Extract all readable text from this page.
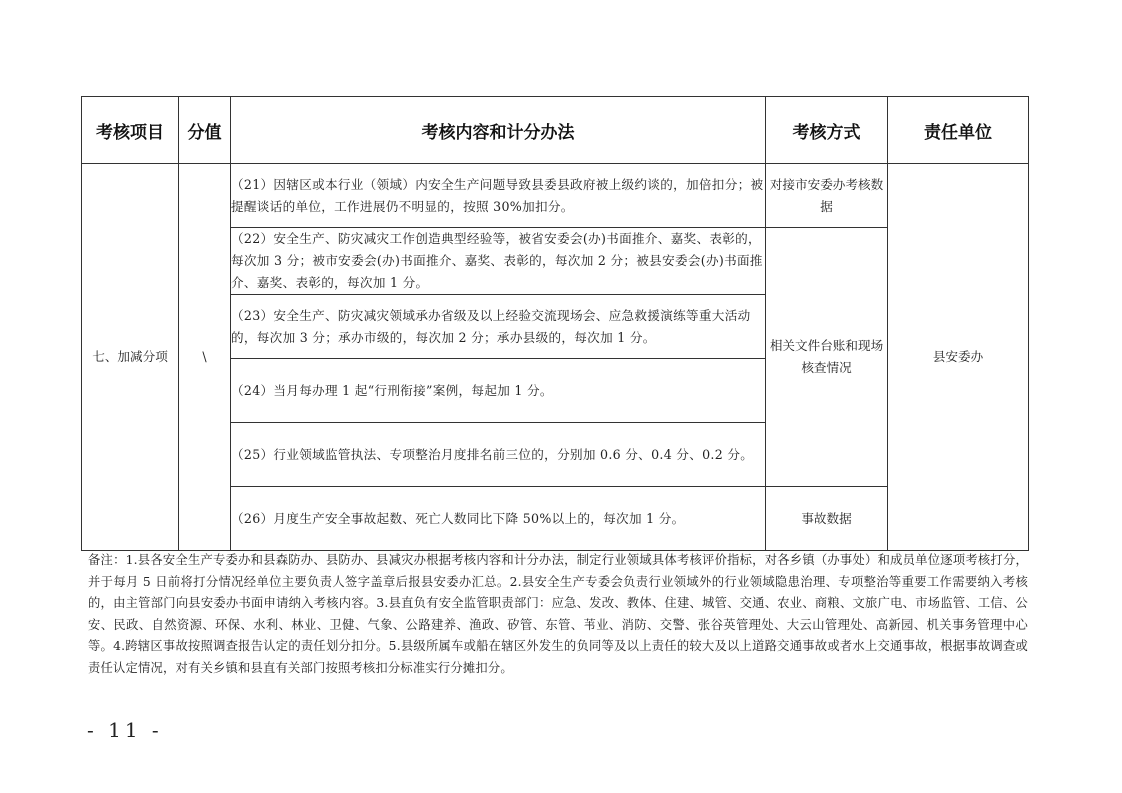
考核项目	分值	考核内容和计分办法	考核方式	责任单位
七、加减分项	\	（21）因辖区或本行业（领域）内安全生产问题导致县委县政府被上级约谈的，加倍扣分；被提醒谈话的单位，工作进展仍不明显的，按照 30%加扣分。	对接市安委办考核数据	县安委办
		（22）安全生产、防灾减灾工作创造典型经验等，被省安委会(办)书面推介、嘉奖、表彰的，每次加 3 分；被市安委会(办)书面推介、嘉奖、表彰的，每次加 2 分；被县安委会(办)书面推介、嘉奖、表彰的，每次加 1 分。	相关文件台账和现场核查情况	
		（23）安全生产、防灾减灾领域承办省级及以上经验交流现场会、应急救援演练等重大活动的，每次加 3 分；承办市级的，每次加 2 分；承办县级的，每次加 1 分。		
		（24）当月每办理 1 起“行刑衔接”案例，每起加 1 分。		
		（25）行业领域监管执法、专项整治月度排名前三位的，分别加 0.6 分、0.4 分、0.2 分。		
		（26）月度生产安全事故起数、死亡人数同比下降 50%以上的，每次加 1 分。	事故数据	
备注：1.县各安全生产专委办和县森防办、县防办、县减灾办根据考核内容和计分办法，制定行业领域具体考核评价指标，对各乡镇（办事处）和成员单位逐项考核打分，并于每月 5 日前将打分情况经单位主要负责人签字盖章后报县安委办汇总。2.县安全生产专委会负责行业领域外的行业领域隐患治理、专项整治等重要工作需要纳入考核的，由主管部门向县安委办书面申请纳入考核内容。3.县直负有安全监管职责部门：应急、发改、教体、住建、城管、交通、农业、商粮、文旅广电、市场监管、工信、公安、民政、自然资源、环保、水利、林业、卫健、气象、公路建养、渔政、矽管、东管、苇业、消防、交警、张谷英管理处、大云山管理处、高新园、机关事务管理中心等。4.跨辖区事故按照调查报告认定的责任划分扣分。5.县级所属车或船在辖区外发生的负同等及以上责任的较大及以上道路交通事故或者水上交通事故，根据事故调查或责任认定情况，对有关乡镇和县直有关部门按照考核扣分标准实行分摊扣分。
- 11 -
